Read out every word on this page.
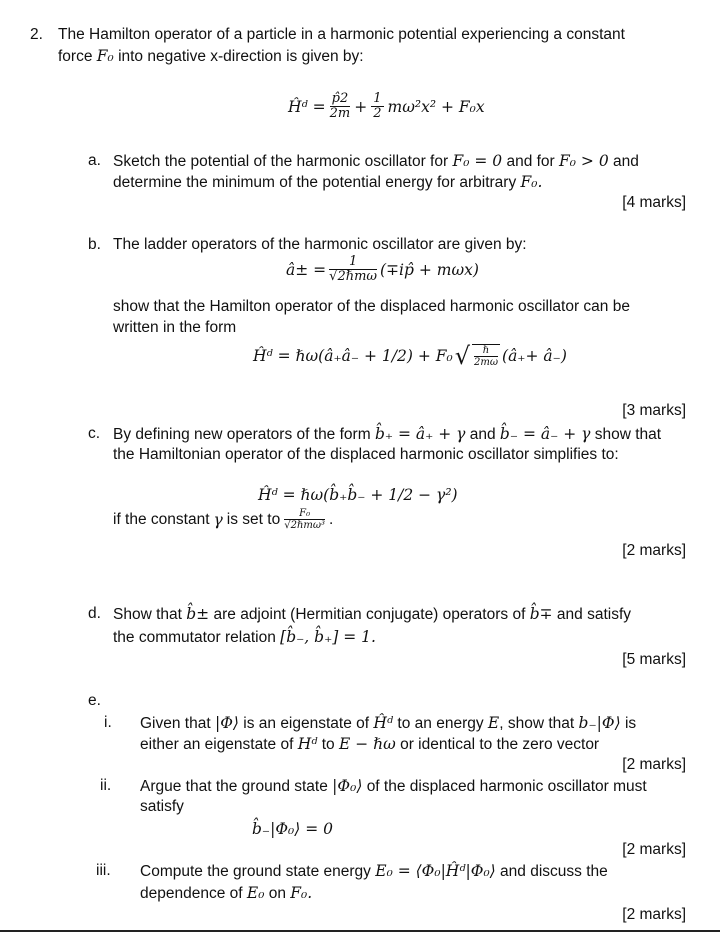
2. The Hamilton operator of a particle in a harmonic potential experiencing a constant
force F₀ into negative x-direction is given by:
Ĥᵈ = $\frac{p̂2}{2m} + \frac{1}{2} m\omega^2x^2 + F_0x$
a. Sketch the potential of the harmonic oscillator for F₀ = 0 and for F₀ > 0 and
determine the minimum of the potential energy for arbitrary F₀.
[4 marks]
b. The ladder operators of the harmonic oscillator are given by:
â± = $\frac{1}{\text{√2ℏmω}}$ (∓ip̂ + mωx)
show that the Hamilton operator of the displaced harmonic oscillator can be
written in the form
Ĥᵈ = ℏω(â₊â₋ + 1/2) + F₀ √ $\frac{\text{ℏ}}{2m\omega}$ (â₊+ â₋)
[3 marks]
c. By defining new operators of the form b̂₊ = â₊ + γ and b̂₋ = â₋ + γ show that
the Hamiltonian operator of the displaced harmonic oscillator simplifies to:
Ĥᵈ = ℏω(b̂₊b̂₋ + 1/2 − γ²)
if the constant γ is set to $\frac{\text{F₀}}{\text{√2ℏmω³}}$ .
[2 marks]
d. Show that b̂± are adjoint (Hermitian conjugate) operators of b̂∓ and satisfy
the commutator relation [b̂₋, b̂₊] = 1.
[5 marks]
e.
i. Given that |Φ⟩ is an eigenstate of Ĥᵈ to an energy E, show that b₋|Φ⟩ is
either an eigenstate of Hᵈ to E − ℏω or identical to the zero vector
[2 marks]
ii. Argue that the ground state |Φ₀⟩ of the displaced harmonic oscillator must
satisfy
b̂₋|Φ₀⟩ = 0
[2 marks]
iii. Compute the ground state energy E₀ = ⟨Φ₀|Ĥᵈ|Φ₀⟩ and discuss the
dependence of E₀ on F₀.
[2 marks]
